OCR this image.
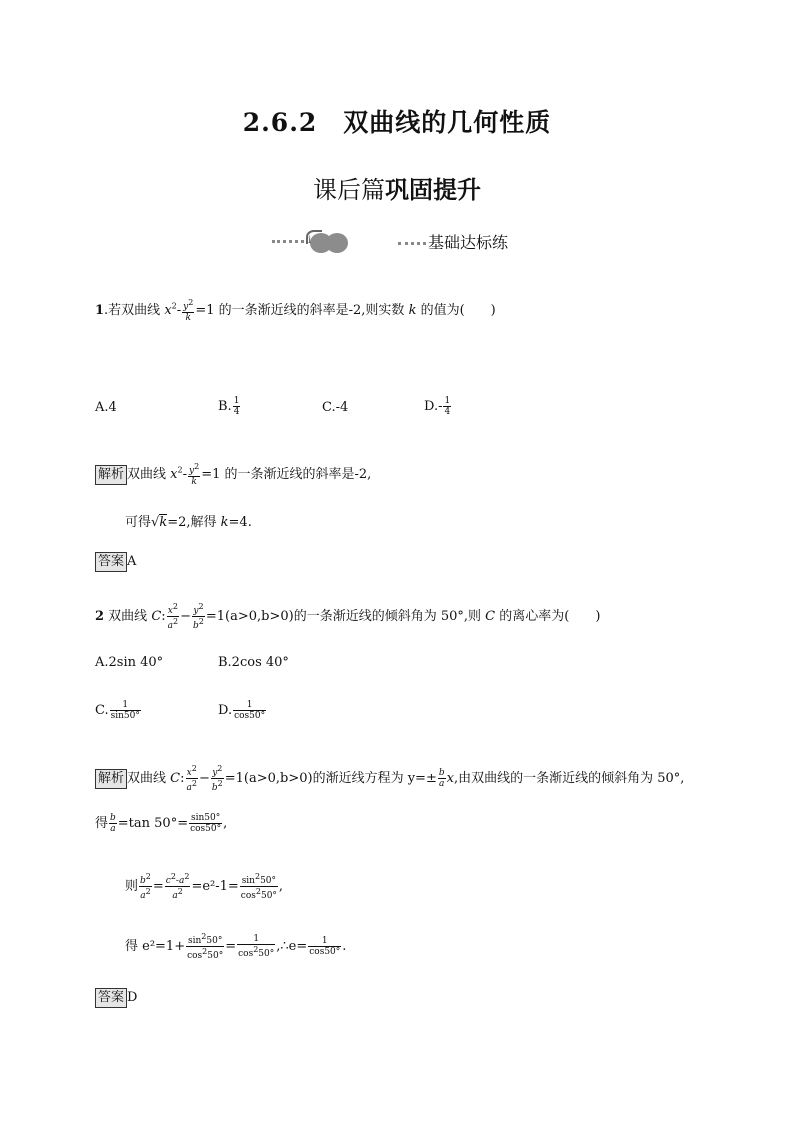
2.6.2　双曲线的几何性质
课后篇巩固提升
i	基础达标练
1.若双曲线 $x^2- \frac{y^2}{k} =1$ 的一条渐近线的斜率是-2,则实数 k 的值为(　　)
A.4	B. $\frac{1}{4}$	C.-4	$D.- \frac{1}{4}$
解析 双曲线 $x^2- \frac{y^2}{k} =1$ 的一条渐近线的斜率是-2,
可得√k=2,解得 k=4.
答案 A
2 双曲线 C: $\frac{x^2}{a^2} - \frac{y^2}{b^2} =1(a>0,b>0)$的一条渐近线的倾斜角为 50°,则 C 的离心率为(　　)
A.2sin 40°	B.2cos 40°
C. $\frac{1}{\sin 50^\circ}$	D. $\frac{1}{\cos 50^\circ}$
解析 双曲线 C: $\frac{x^2}{a^2} - \frac{y^2}{b^2} =1(a>0,b>0)$的渐近线方程为 $y=\pm \frac{b}{a} x$,由双曲线的一条渐近线的倾斜角为 50°,
得 $\frac{b}{a} =\tan$ $50^\circ= \frac{\sin 50^\circ}{\cos 50^\circ}$ ,
则 $\frac{b^2}{a^2} = \frac{c^2-a^2}{a^2} =e^2-1= \frac{\sin^250^\circ}{\cos^250^\circ}$ ,
得 $e^2=1+ \frac{\sin^250^\circ}{\cos^250^\circ} = \frac{1}{\cos^250^\circ}$ ,∴e= $\frac{1}{\cos 50^\circ}$ .
答案 D
